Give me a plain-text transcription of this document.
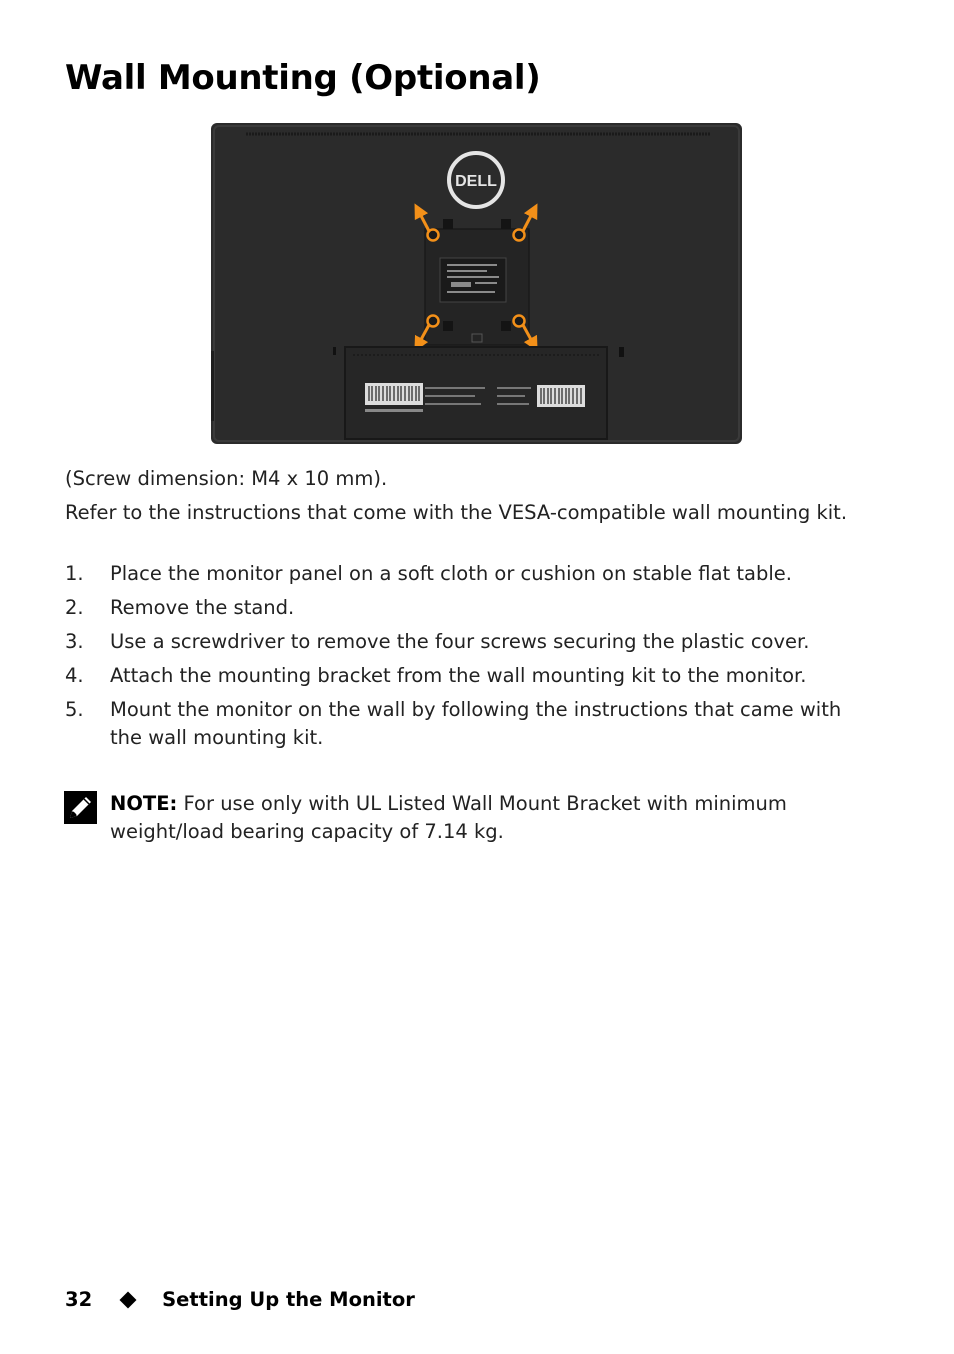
Wall Mounting (Optional)
DELL
(Screw dimension: M4 x 10 mm).
Refer to the instructions that come with the VESA-compatible wall mounting kit.
1. Place the monitor panel on a soft cloth or cushion on stable flat table.
2. Remove the stand.
3. Use a screwdriver to remove the four screws securing the plastic cover.
4. Attach the mounting bracket from the wall mounting kit to the monitor.
5. Mount the monitor on the wall by following the instructions that came with the wall mounting kit.
NOTE: For use only with UL Listed Wall Mount Bracket with minimum weight/load bearing capacity of 7.14 kg.
32	Setting Up the Monitor
